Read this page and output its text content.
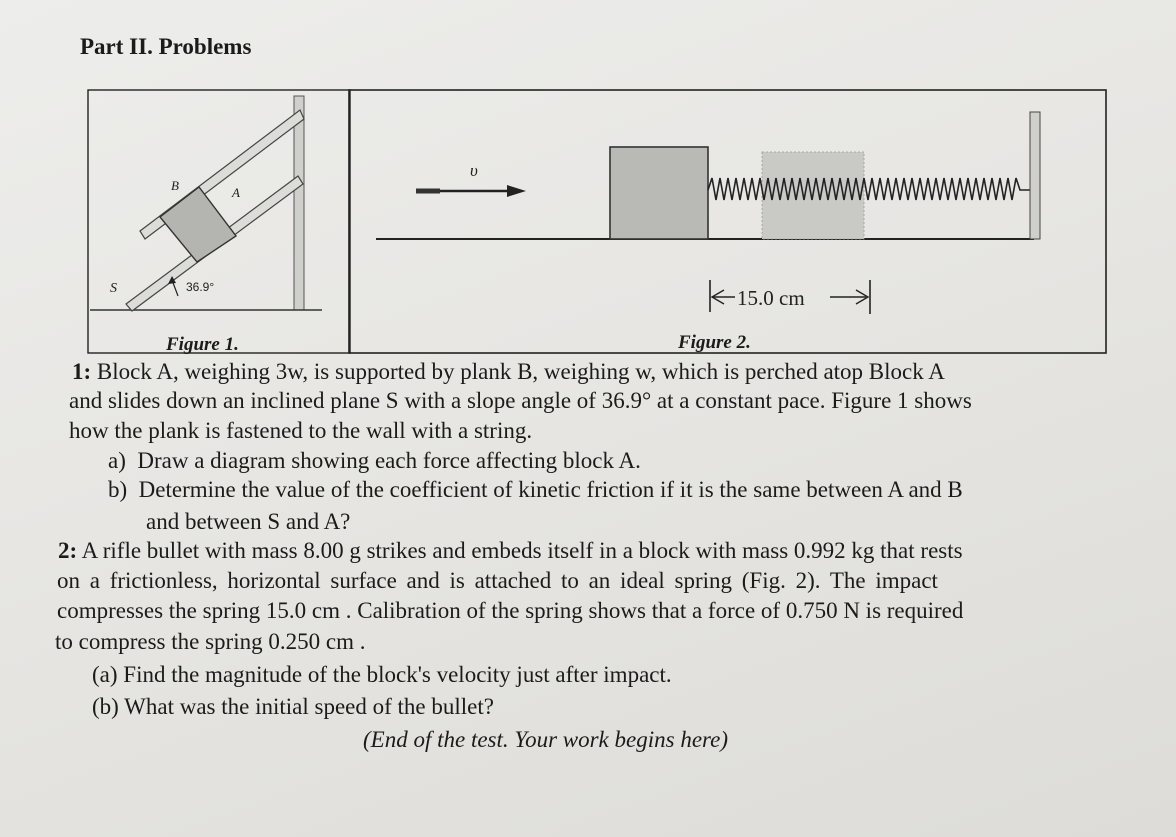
Part II. Problems
B	A
S	36.9°
υ
15.0 cm
Figure 1.	Figure 2.
1: Block A, weighing 3w, is supported by plank B, weighing w, which is perched atop Block A
and slides down an inclined plane S with a slope angle of 36.9° at a constant pace. Figure 1 shows
how the plank is fastened to the wall with a string.
a) Draw a diagram showing each force affecting block A.
b) Determine the value of the coefficient of kinetic friction if it is the same between A and B
and between S and A?
2: A rifle bullet with mass 8.00 g strikes and embeds itself in a block with mass 0.992 kg that rests
on a frictionless, horizontal surface and is attached to an ideal spring (Fig. 2). The impact
compresses the spring 15.0 cm . Calibration of the spring shows that a force of 0.750 N is required
to compress the spring 0.250 cm .
(a) Find the magnitude of the block's velocity just after impact.
(b) What was the initial speed of the bullet?
(End of the test. Your work begins here)
